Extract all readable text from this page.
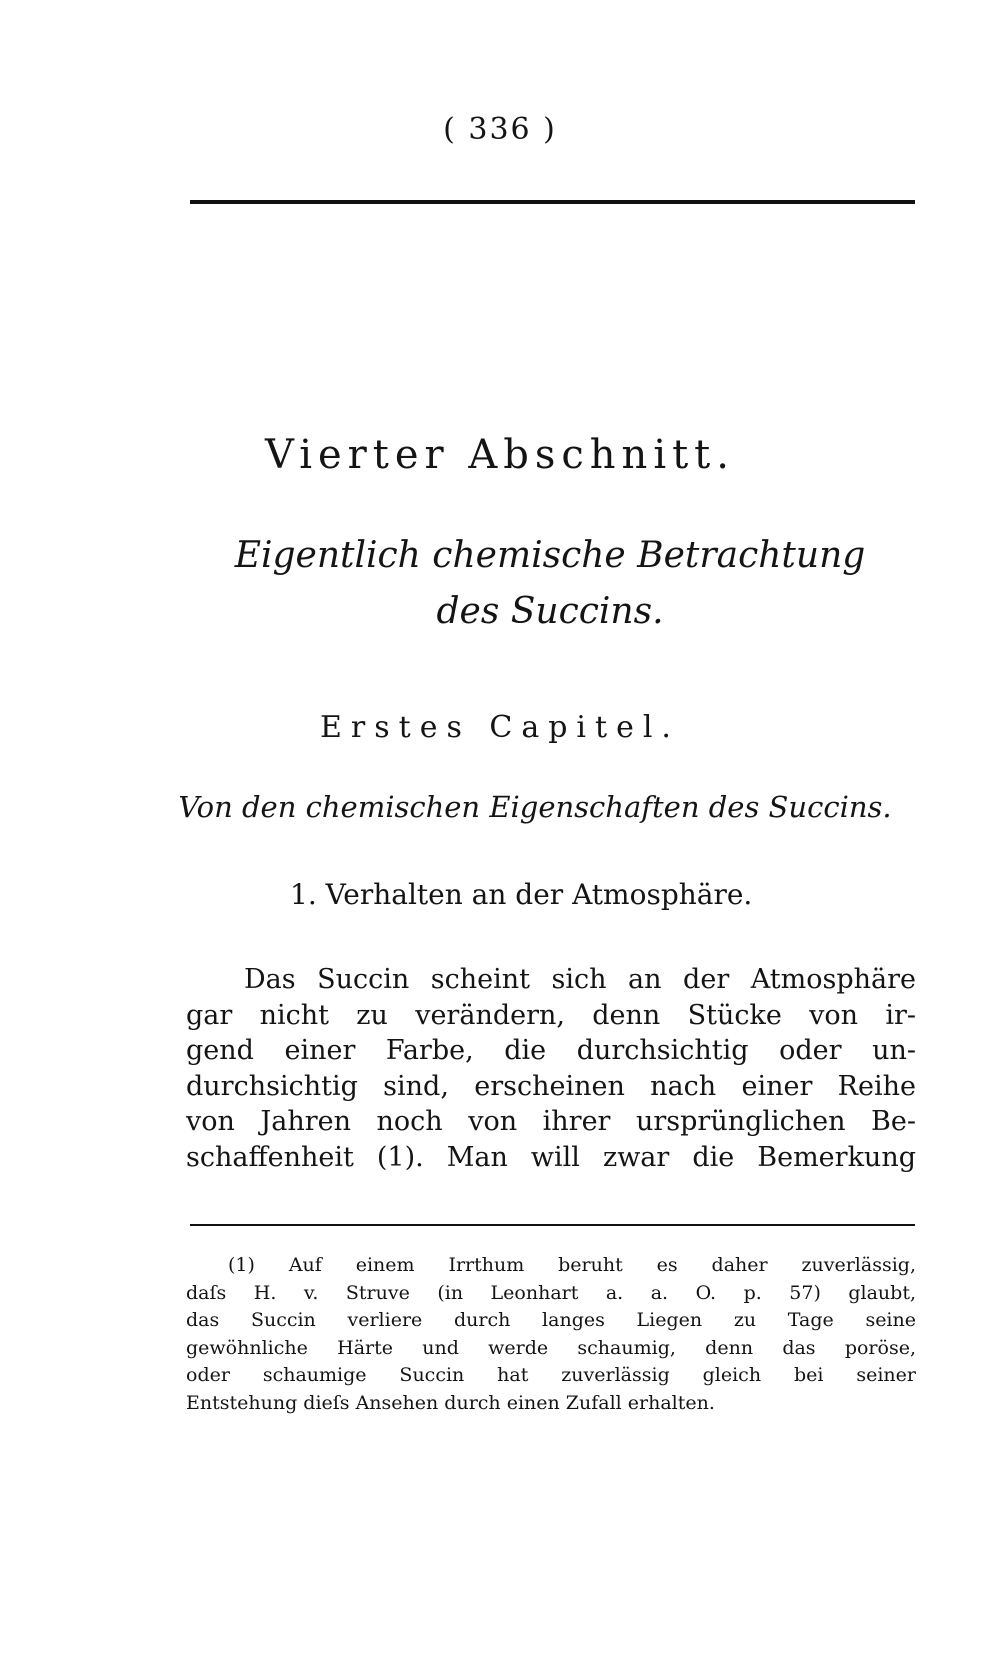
( 336 )
Vierter Abschnitt.
Eigentlich chemische Betrachtung des Succins.
Erstes Capitel.
Von den chemischen Eigenschaften des Succins.
1. Verhalten an der Atmosphäre.
Das Succin scheint sich an der Atmosphäre
gar nicht zu verändern, denn Stücke von ir-
gend einer Farbe, die durchsichtig oder un-
durchsichtig sind, erscheinen nach einer Reihe
von Jahren noch von ihrer ursprünglichen Be-
schaffenheit (1). Man will zwar die Bemerkung
(1) Auf einem Irrthum beruht es daher zuverlässig,
daſs H. v. Struve (in Leonhart a. a. O. p. 57) glaubt,
das Succin verliere durch langes Liegen zu Tage seine
gewöhnliche Härte und werde schaumig, denn das poröse,
oder schaumige Succin hat zuverlässig gleich bei seiner
Entstehung dieſs Ansehen durch einen Zufall erhalten.
